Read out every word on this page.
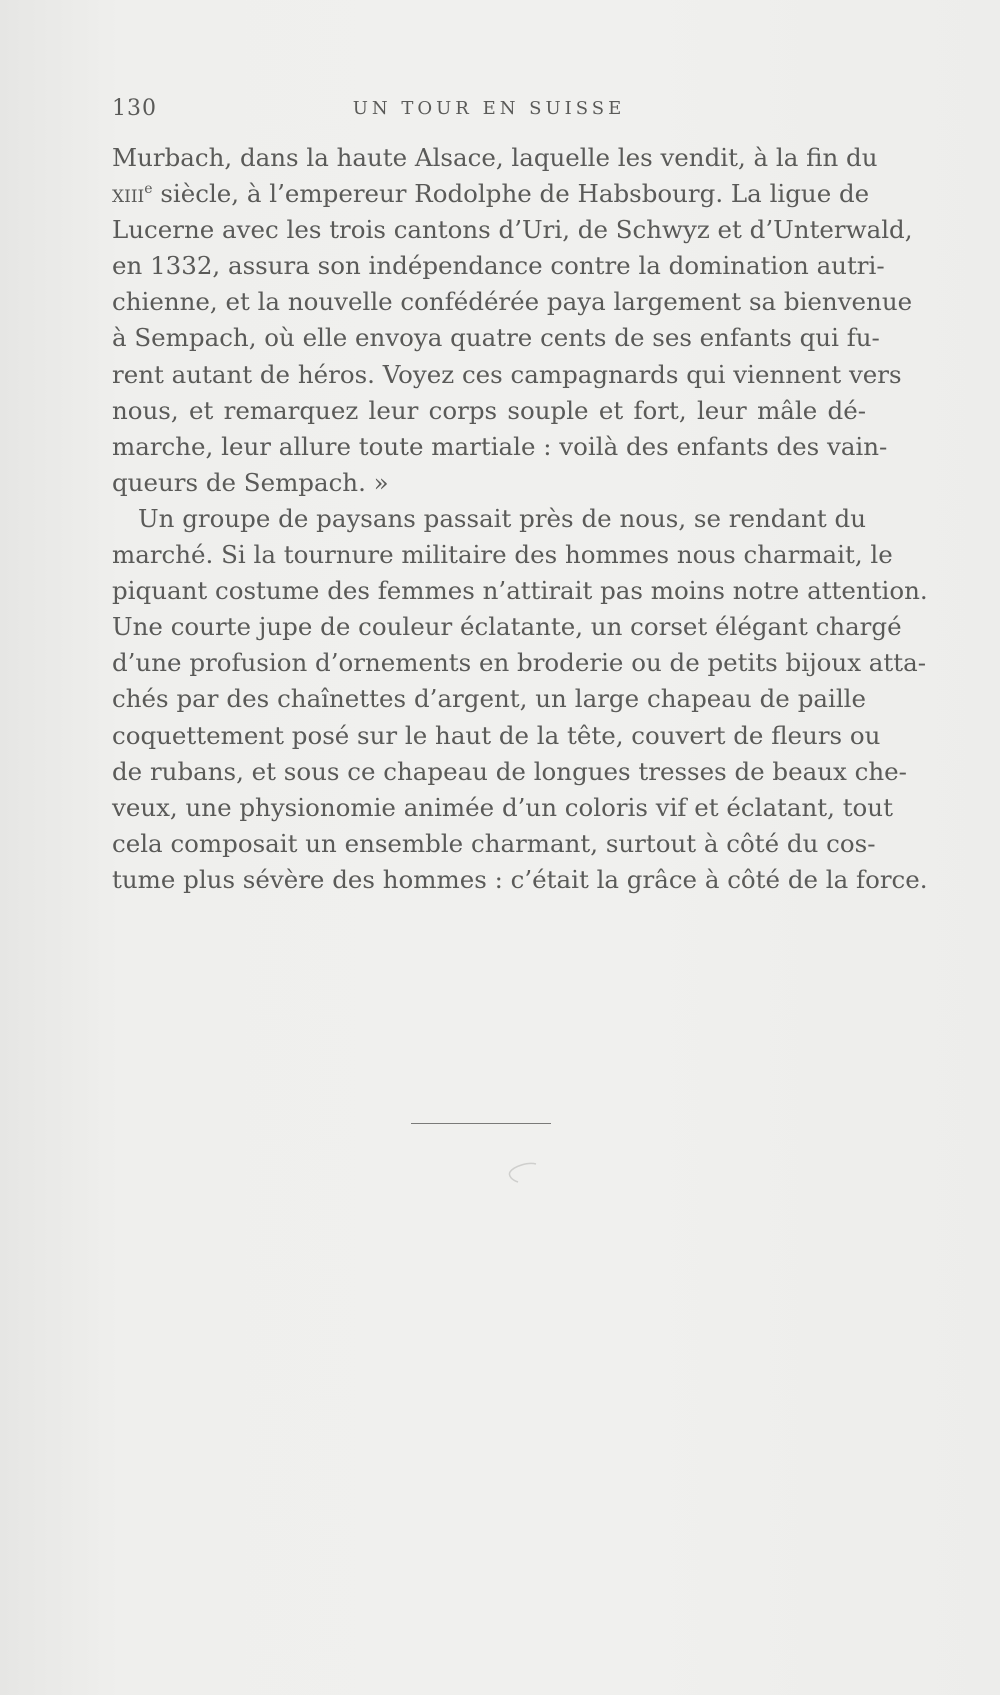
130	UN TOUR EN SUISSE
Murbach, dans la haute Alsace, laquelle les vendit, à la fin du
XIIIe siècle, à l’empereur Rodolphe de Habsbourg. La ligue de
Lucerne avec les trois cantons d’Uri, de Schwyz et d’Unterwald,
en 1332, assura son indépendance contre la domination autri-
chienne, et la nouvelle confédérée paya largement sa bienvenue
à Sempach, où elle envoya quatre cents de ses enfants qui fu-
rent autant de héros. Voyez ces campagnards qui viennent vers
nous, et remarquez leur corps souple et fort, leur mâle dé-
marche, leur allure toute martiale : voilà des enfants des vain-
queurs de Sempach. »
Un groupe de paysans passait près de nous, se rendant du
marché. Si la tournure militaire des hommes nous charmait, le
piquant costume des femmes n’attirait pas moins notre attention.
Une courte jupe de couleur éclatante, un corset élégant chargé
d’une profusion d’ornements en broderie ou de petits bijoux atta-
chés par des chaînettes d’argent, un large chapeau de paille
coquettement posé sur le haut de la tête, couvert de fleurs ou
de rubans, et sous ce chapeau de longues tresses de beaux che-
veux, une physionomie animée d’un coloris vif et éclatant, tout
cela composait un ensemble charmant, surtout à côté du cos-
tume plus sévère des hommes : c’était la grâce à côté de la force.
